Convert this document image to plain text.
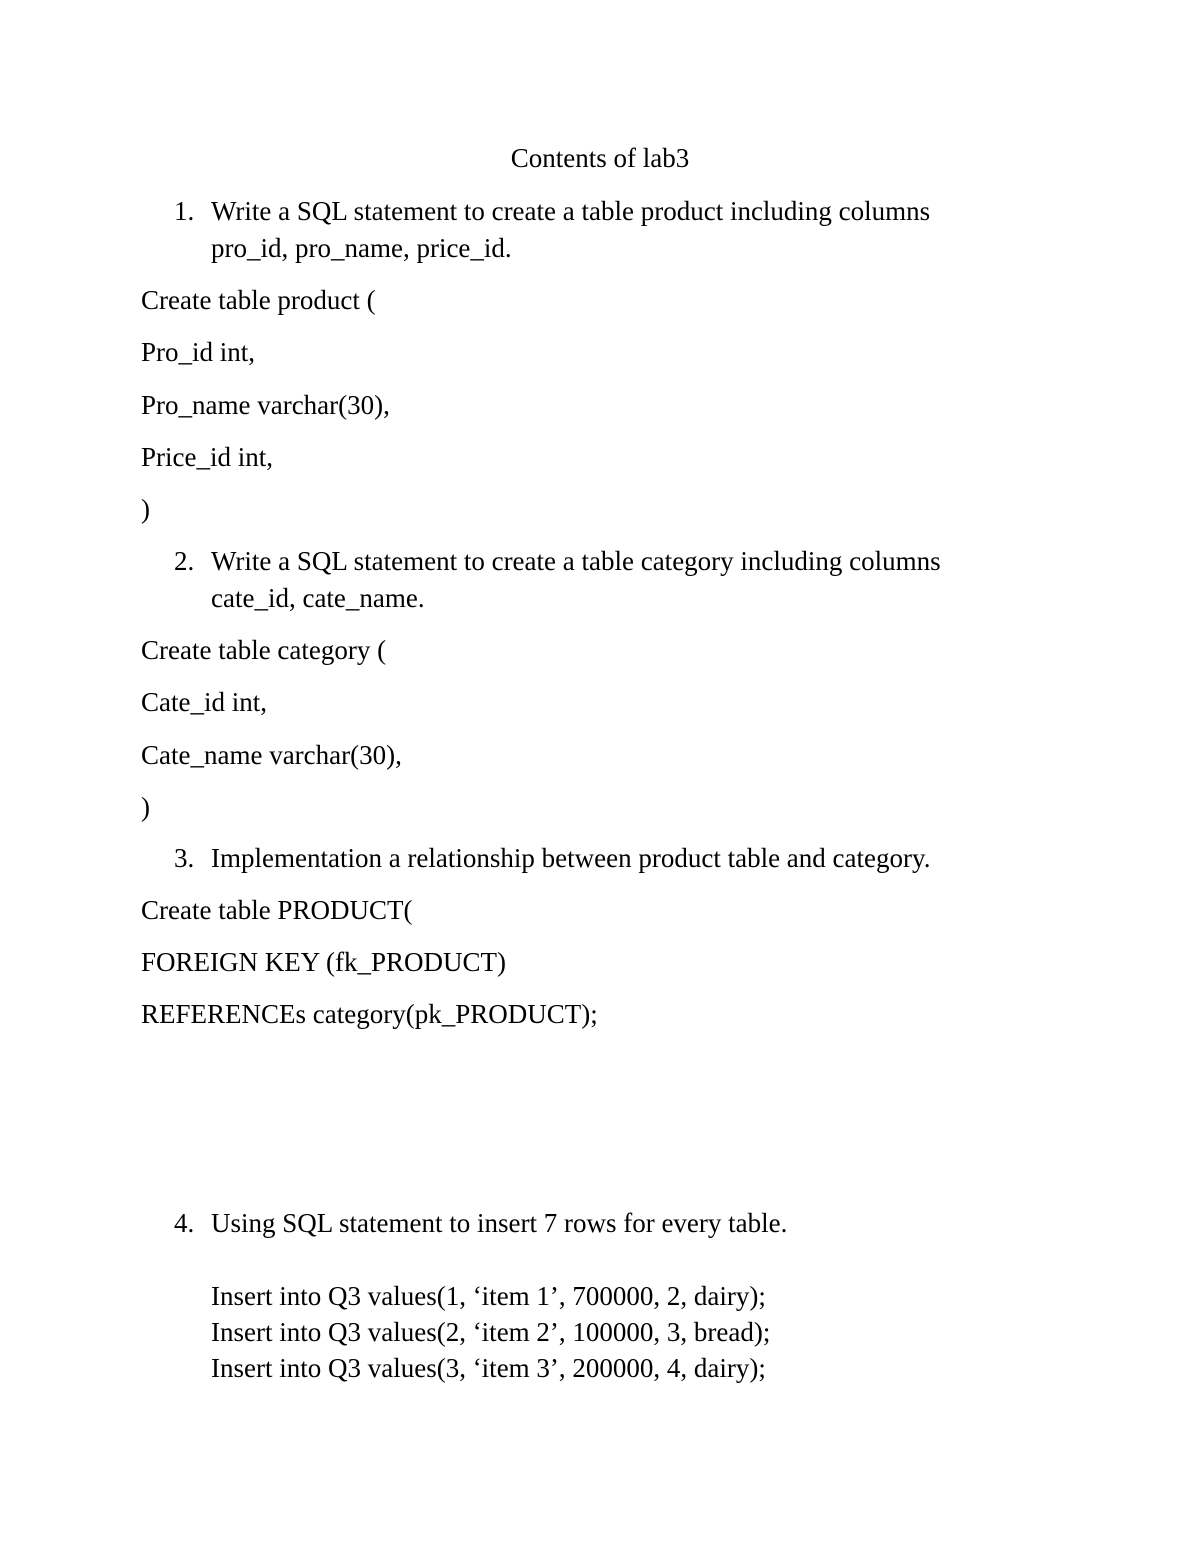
Contents of lab3
1. Write a SQL statement to create a table product including columns
pro_id, pro_name, price_id.

Create table product (

Pro_id int,

Pro_name varchar(30),

Price_id int,

)

2. Write a SQL statement to create a table category including columns
cate_id, cate_name.

Create table category (

Cate_id int,

Cate_name varchar(30),

)

3. Implementation a relationship between product table and category.

Create table PRODUCT(

FOREIGN KEY (fk_PRODUCT)

REFERENCEs category(pk_PRODUCT);

4. Using SQL statement to insert 7 rows for every table.

Insert into Q3 values(1, ‘item 1’, 700000, 2, dairy);

Insert into Q3 values(2, ‘item 2’, 100000, 3, bread);

Insert into Q3 values(3, ‘item 3’, 200000, 4, dairy);
